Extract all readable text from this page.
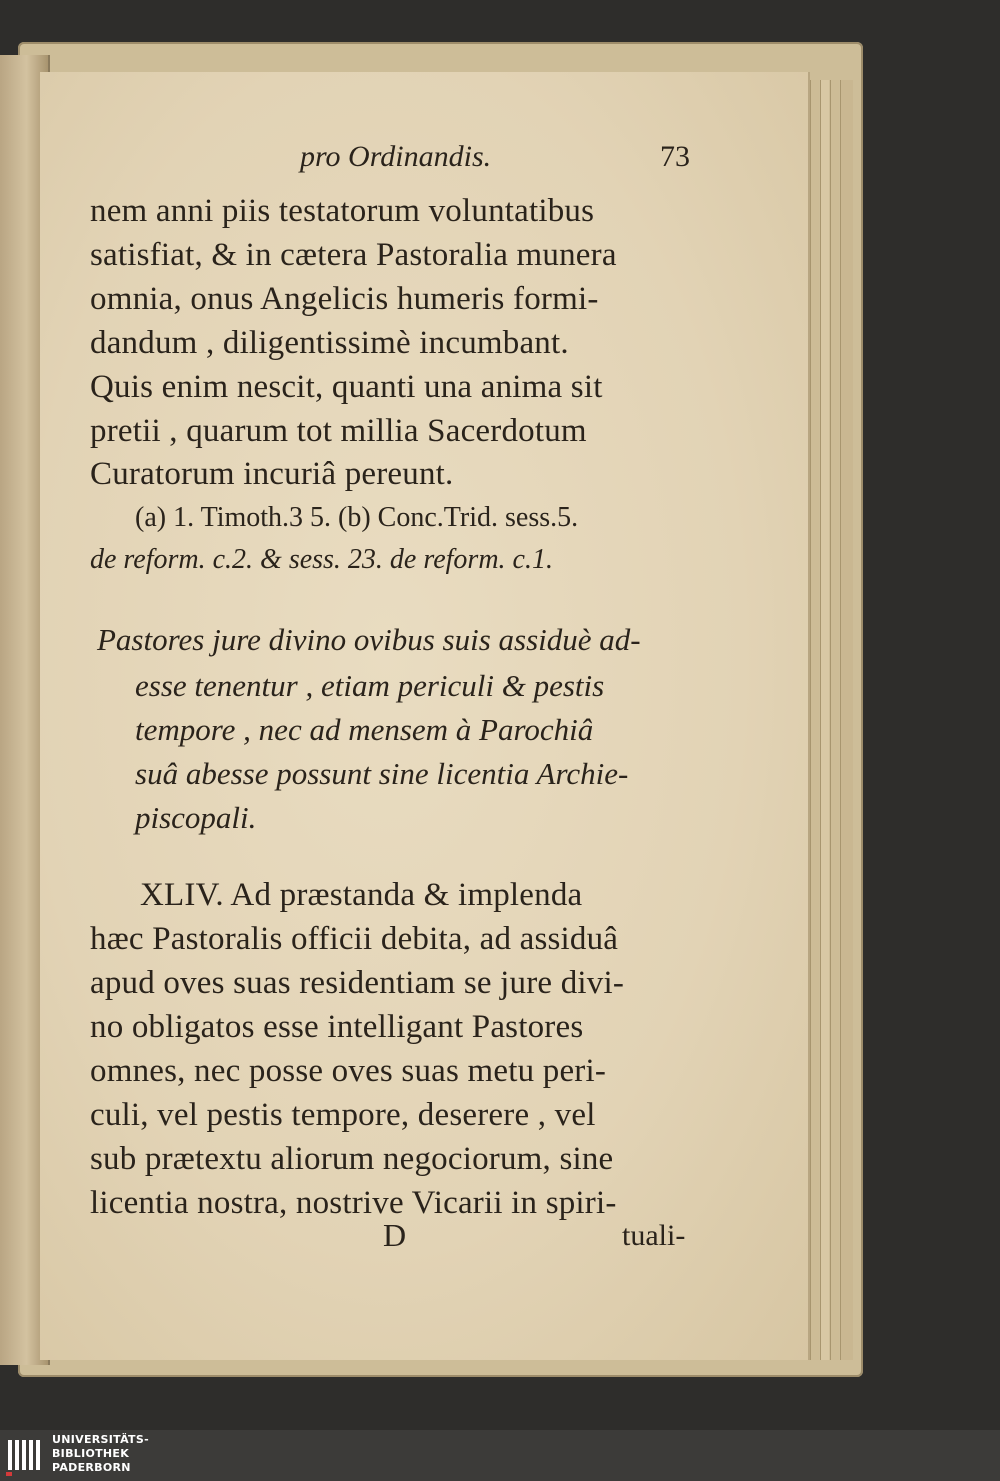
pro Ordinandis.	73
nem anni piis testatorum voluntatibus
satisfiat, & in cætera Pastoralia munera
omnia, onus Angelicis humeris formi-
dandum , diligentissimè incumbant.
Quis enim nescit, quanti una anima sit
pretii , quarum tot millia Sacerdotum
Curatorum incuriâ pereunt.
(a) 1. Timoth.3 5. (b) Conc.Trid. sess.5.
de reform. c.2. & sess. 23. de reform. c.1.
Pastores jure divino ovibus suis assiduè ad-
esse tenentur , etiam periculi & pestis
tempore , nec ad mensem à Parochiâ
suâ abesse possunt sine licentia Archie-
piscopali.
XLIV. Ad præstanda & implenda
hæc Pastoralis officii debita, ad assiduâ
apud oves suas residentiam se jure divi-
no obligatos esse intelligant Pastores
omnes, nec posse oves suas metu peri-
culi, vel pestis tempore, deserere , vel
sub prætextu aliorum negociorum, sine
licentia nostra, nostrive Vicarii in spiri-
D	tuali-
UNIVERSITÄTS-
BIBLIOTHEK
PADERBORN
